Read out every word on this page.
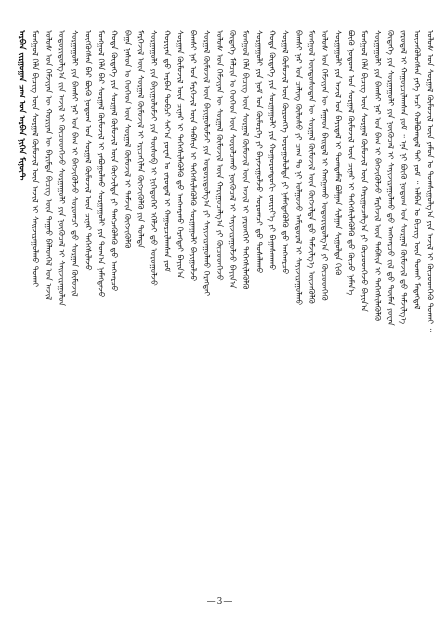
ᠠᠷᠪᠠᠨ ᠵᠢᠷᠭᠤᠭᠠᠨ ᠴᠠᠭ ᠤᠨ ᠠᠷᠪᠠᠨ ᠨᠢᠭᠡᠨ ᠮᠢᠨᠦ᠋ᠲ ᠮᠣᠩᠭᠣᠯ ᠬᠡᠯᠡ ᠪᠢᠴᠢᠭ ᠦᠨ ᠰᠤᠷᠭᠠᠯ ᠬᠦᠮᠦᠵᠢᠯ ᠦᠨ ᠠᠵᠢᠯ ᠢ ᠰᠠᠢᠵᠢᠷᠠᠭᠤᠯᠬᠤ ᠲᠤᠬᠠᠢ ᠤᠯᠤᠰ ᠤᠨ ᠬᠡᠮᠵᠢᠶᠡᠨ ᠦ ᠬᠤᠷᠢᠶᠠᠨ ᠦ ᠪᠠᠷᠢᠮᠲᠠ ᠪᠢᠴᠢᠭ ᠦᠨ ᠳᠠᠭᠠᠤ ᠪᠡᠯᠡᠳᠬᠡᠯ ᠤᠨ ᠠᠵᠢᠯ ᠤᠳᠤᠷᠢᠳᠤᠯᠭ᠎ᠠ ᠵᠢᠨ ᠠᠵᠢᠯ ᠢ ᠬᠦᠴᠦᠳᠬᠡᠵᠦ ᠰᠤᠷᠭᠠᠭᠤᠯᠢ ᠶᠢᠨ ᠨᠥᠬᠦᠴᠡᠯ ᠢ ᠰᠠᠢᠵᠢᠷᠠᠭᠤᠯᠤᠨ ᠰᠤᠷᠭᠠᠭᠤᠯᠢ ᠶᠢᠨ ᠪᠠᠭᠰᠢ ᠨᠠᠷ ᠤᠨ ᠪᠠᠭ ᠢ ᠪᠡᠬᠵᠢᠬᠦᠯᠵᠦ ᠰᠤᠷᠤᠭᠴᠢ ᠳ᠋ᠤ ᠰᠤᠷᠭᠠᠨ ᠬᠦᠮᠦᠵᠢᠯ ᠥᠭᠭᠦᠭᠰᠡᠨ ᠪᠠᠷ ᠪᠦᠬᠦ ᠨᠤᠲᠤᠭ ᠤᠨ ᠰᠤᠷᠭᠠᠯ ᠬᠦᠮᠦᠵᠢᠯ ᠦᠨ ᠴᠢᠨᠠᠷ ᠳᠡᠭᠡᠭᠰᠢᠯᠡᠵᠦ ᠮᠣᠩᠭᠣᠯ ᠬᠡᠯᠡ ᠪᠡᠷ ᠰᠤᠷᠭᠠᠯ ᠬᠦᠮᠦᠵᠢᠯ ᠢ ᠶᠠᠪᠤᠭᠤᠯᠬᠤ ᠰᠤᠷᠭᠠᠭᠤᠯᠢ ᠶᠢᠨ ᠲᠤᠭ᠎ᠠ ᠨᠡᠮᠡᠭᠳᠡᠵᠦ ᠬᠣᠲᠠ ᠬᠥᠳᠡᠭᠡ ᠶᠢᠨ ᠰᠤᠷᠭᠠᠯ ᠬᠦᠮᠦᠵᠢᠯ ᠦᠨ ᠬᠥᠭᠵᠢᠯᠲᠡ ᠶᠢ ᠲᠡᠩᠴᠡᠭᠦᠯᠡᠬᠦ ᠳ᠋ᠤ ᠠᠩᠬᠠᠷᠴᠤ ᠪᠠᠭᠠ ᠨᠠᠰᠤᠨ ᠤ ᠬᠡᠦᠬᠡᠳ ᠦᠨ ᠰᠤᠷᠭᠠᠯ ᠬᠦᠮᠦᠵᠢᠯ ᠢ ᠳᠡᠮᠵᠢᠨ ᠬᠥᠭᠵᠢᠭᠦᠯᠬᠦ ᠮᠡᠷᠭᠡᠵᠢᠯ ᠦᠨ ᠰᠤᠷᠭᠠᠯ ᠬᠦᠮᠦᠵᠢᠯ ᠢ ᠡᠷᠢᠴᠡᠭᠢᠯᠡᠨ ᠬᠥᠭᠵᠢᠭᠦᠯᠬᠦ ᠶᠢᠨ ᠲᠤᠯᠠᠳᠠ ᠰᠤᠷᠭᠠᠭᠤᠯᠢ ᠶᠢᠨ ᠪᠠᠶᠢᠭᠤᠯᠤᠮᠵᠢ ᠶᠢᠨ ᠲᠥᠰᠦᠪ ᠢ ᠨᠢᠭᠡᠳᠦᠭᠡᠷ ᠡᠭᠡᠯᠵᠢ ᠳ᠋ᠤ ᠣᠷᠤᠭᠤᠯᠵᠤ ᠬᠤᠷᠢᠶᠠᠨ ᠳ᠋ᠤ ᠠᠷᠪᠠᠨ ᠲᠣᠪᠴᠢ ᠰᠠᠶ᠎ᠠ ᠶᠤᠸᠠᠨ ᠤ ᠵᠠᠷᠤᠳᠠᠯ ᠢ ᠬᠠᠭᠤᠷᠴᠢᠯᠠᠭᠰᠠᠨ ᠶᠤᠮ ᠰᠤᠷᠭᠠᠨ ᠬᠦᠮᠦᠵᠢᠯ ᠦᠨ ᠴᠢᠨᠠᠷ ᠢ ᠳᠡᠭᠡᠭᠰᠢᠯᠡᠬᠦᠯᠬᠦ ᠳ᠋ᠤ ᠠᠩᠬᠠᠷᠬᠤ ᠬᠡᠷᠡᠭᠲᠡᠢ ᠪᠠᠶᠢᠨ᠎ᠠ ᠪᠠᠭᠰᠢ ᠨᠠᠷ ᠤᠨ ᠮᠡᠷᠭᠡᠵᠢᠯ ᠦᠨ ᠲᠡᠪᠰᠢᠨ ᠢ ᠳᠡᠭᠡᠭᠰᠢᠯᠡᠬᠦᠯᠬᠦ ᠰᠤᠷᠭᠠᠭᠤᠯᠢ ᠪᠠᠶᠢᠭᠤᠯᠵᠤ ᠰᠤᠷᠭᠠᠯ ᠬᠦᠮᠦᠵᠢᠯ ᠦᠨ ᠪᠠᠶᠢᠭᠤᠯᠤᠮᠵᠢ ᠶᠢᠨ ᠤᠳᠤᠷᠢᠳᠤᠯᠭ᠎ᠠ ᠶᠢ ᠰᠠᠶᠢᠵᠢᠷᠠᠭᠤᠯᠬᠤ ᠬᠡᠷᠡᠭᠲᠡᠢ ᠤᠯᠤᠰ ᠤᠨ ᠬᠡᠮᠵᠢᠶᠡᠨ ᠦ ᠰᠤᠷᠭᠠᠯ ᠬᠦᠮᠦᠵᠢᠯ ᠦᠨ ᠬᠠᠷᠢᠭᠤᠴᠠᠯᠭ᠎ᠠ ᠶᠢ ᠬᠦᠴᠦᠳᠬᠡᠵᠦ ᠬᠥᠳᠡᠭᠡ ᠮᠠᠯᠴᠢᠨ ᠤ ᠬᠡᠦᠬᠡᠳ ᠦᠨ ᠰᠤᠷᠤᠯᠴᠠᠬᠤ ᠨᠥᠬᠦᠴᠡᠯ ᠢ ᠰᠠᠶᠢᠵᠢᠷᠠᠭᠤᠯᠵᠤ ᠪᠠᠶᠢᠨ᠎ᠠ ᠮᠣᠩᠭᠣᠯ ᠬᠡᠯᠡ ᠪᠢᠴᠢᠭ ᠦᠨ ᠰᠤᠷᠭᠠᠯ ᠬᠦᠮᠦᠵᠢᠯ ᠦᠨ ᠠᠵᠢᠯ ᠢ ᠶᠡᠷᠦᠩᠬᠡᠢ ᠳᠡᠭᠡᠭᠰᠢᠯᠡᠬᠦᠯᠬᠦ ᠰᠤᠷᠭᠠᠭᠤᠯᠢ ᠶᠢᠨ ᠨᠣᠮ ᠤᠨ ᠬᠥᠮᠥᠷᠭᠡ ᠶᠢ ᠪᠠᠶᠠᠵᠢᠭᠤᠯᠵᠤ ᠰᠤᠷᠤᠭᠴᠢ ᠳ᠋ᠤ ᠲᠤᠰᠠᠯᠠᠬᠤ ᠬᠣᠲᠠ ᠬᠥᠳᠡᠭᠡ ᠶᠢᠨ ᠰᠤᠷᠭᠠᠭᠤᠯᠢ ᠶᠢᠨ ᠬᠣᠭᠤᠷᠤᠨᠳᠤᠬᠢ ᠵᠥᠷᠢᠶ᠎ᠡ ᠶᠢ ᠪᠠᠭᠠᠰᠬᠠᠬᠤ ᠰᠤᠷᠭᠠᠯ ᠬᠦᠮᠦᠵᠢᠯ ᠦᠨ ᠬᠥᠷᠥᠩᠭᠡ ᠣᠷᠤᠭᠤᠯᠤᠯᠲᠠ ᠶᠢ ᠨᠡᠮᠡᠭᠳᠡᠭᠦᠯᠬᠦ ᠳ᠋ᠤ ᠠᠩᠬᠠᠷᠴᠤ ᠪᠠᠭᠰᠢ ᠨᠠᠷ ᠤᠨ ᠴᠠᠯᠢᠩ ᠬᠥᠯᠥᠰᠦ ᠶᠢ ᠴᠠᠭ ᠲᠤ ᠨᠢ ᠣᠯᠭᠤᠵᠤ ᠠᠮᠢᠳᠤᠷᠠᠯ ᠢ ᠰᠠᠶᠢᠵᠢᠷᠠᠭᠤᠯᠬᠤ ᠮᠣᠩᠭᠣᠯ ᠦᠨᠳᠦᠰᠦᠲᠡᠨ ᠦ ᠰᠤᠷᠭᠠᠯ ᠬᠦᠮᠦᠵᠢᠯ ᠦᠨ ᠬᠥᠭᠵᠢᠯᠲᠡ ᠳ᠋ᠤ ᠳᠡᠮᠵᠢᠯᠭ᠎ᠡ ᠦᠵᠡᠭᠦᠯᠬᠦ ᠤᠯᠤᠰ ᠤᠨ ᠬᠡᠮᠵᠢᠶᠡᠨ ᠦ ᠮᠠᠭᠠᠳ ᠪᠠᠢᠳᠠᠯ ᠢ ᠬᠠᠩᠭᠠᠬᠤ ᠤᠳᠤᠷᠢᠳᠤᠯᠭ᠎ᠠ ᠶᠢ ᠬᠦᠴᠦᠳᠬᠡᠬᠦ ᠰᠤᠷᠭᠠᠭᠤᠯᠢ ᠶᠢᠨ ᠠᠵᠢᠯ ᠤᠨ ᠪᠠᠶᠢᠳᠠᠯ ᠢ ᠲᠣᠭᠲᠠᠮᠠᠯ ᠪᠤᠯᠭᠠᠨ ᠰᠢᠯᠭᠠᠨ ᠰᠢᠭᠤᠯᠲᠠ ᠬᠢᠬᠦ ᠪᠦᠬᠦ ᠨᠤᠲᠤᠭ ᠤᠨ ᠰᠤᠷᠭᠠᠯ ᠬᠦᠮᠦᠵᠢᠯ ᠦᠨ ᠴᠢᠨᠠᠷ ᠢ ᠳᠡᠭᠡᠭᠰᠢᠯᠡᠬᠦᠯᠬᠦ ᠳ᠋ᠤ ᠬᠦᠴᠦ ᠨᠡᠮᠡᠨ᠎ᠡ ᠮᠣᠩᠭᠣᠯ ᠬᠡᠯᠡ ᠪᠢᠴᠢᠭ ᠦᠨ ᠰᠤᠷᠭᠠᠯ ᠬᠦᠮᠦᠵᠢᠯ ᠦᠨ ᠬᠠᠷᠢᠭᠤᠴᠠᠯᠭ᠎ᠠ ᠶᠢ ᠬᠦᠴᠦᠳᠬᠡᠵᠦ ᠪᠠᠶᠢᠨ᠎ᠠ ᠰᠤᠷᠭᠠᠭᠤᠯᠢ ᠶᠢᠨ ᠪᠠᠭᠰᠢ ᠨᠠᠷ ᠤᠨ ᠪᠠᠭ ᠢ ᠪᠡᠬᠵᠢᠬᠦᠯᠵᠦ ᠮᠡᠷᠭᠡᠵᠢᠯ ᠦᠨ ᠲᠡᠪᠰᠢᠨ ᠢ ᠳᠡᠭᠡᠭᠰᠢᠯᠡᠬᠦᠯᠬᠦ ᠬᠥᠳᠡᠭᠡ ᠶᠢᠨ ᠰᠤᠷᠭᠠᠭᠤᠯᠢ ᠶᠢᠨ ᠨᠥᠬᠦᠴᠡᠯ ᠢ ᠰᠠᠶᠢᠵᠢᠷᠠᠭᠤᠯᠬᠤ ᠳ᠋ᠤ ᠠᠩᠬᠠᠷᠴᠤ ᠵᠢᠯ ᠳ᠋ᠤ ᠲᠦᠮᠡᠨ ᠶᠤᠸᠠᠨ ᠵᠠᠷᠤᠳᠠᠯ ᠢ ᠬᠠᠭᠤᠷᠴᠢᠯᠠᠭᠰᠠᠨ ᠶᠤᠮ ᠃ ᠡᠨᠡ ᠨᠢ ᠪᠦᠬᠦ ᠨᠤᠲᠤᠭ ᠤᠨ ᠰᠤᠷᠭᠠᠯ ᠬᠦᠮᠦᠵᠢᠯ ᠳ᠋ᠤ ᠳᠡᠮᠵᠢᠯᠭ᠎ᠡ ᠦᠵᠡᠭᠦᠯᠦᠭᠰᠡᠨ ᠶᠡᠬᠡ ᠠᠴᠢ ᠬᠣᠯᠪᠣᠭᠳᠠᠯ ᠲᠠᠢ ᠶᠤᠮ ᠃ ᠠᠯᠪᠠᠨ ᠤ ᠪᠢᠴᠢᠭ ᠦᠨ ᠲᠤᠬᠠᠢ ᠮᠡᠳᠡᠭᠳᠡᠯ ᠤᠯᠤᠰ ᠤᠨ ᠰᠤᠷᠭᠠᠯ ᠬᠦᠮᠦᠵᠢᠯ ᠦᠨ ᠶᠠᠮᠤᠨ ᠤ ᠲᠤᠭᠰᠢᠭᠤᠯᠭ᠎ᠠ ᠶᠢᠨ ᠠᠵᠢᠯ ᠢ ᠬᠦᠴᠦᠳᠬᠡᠬᠦ ᠲᠤᠬᠠᠢ ᠃
—3—
